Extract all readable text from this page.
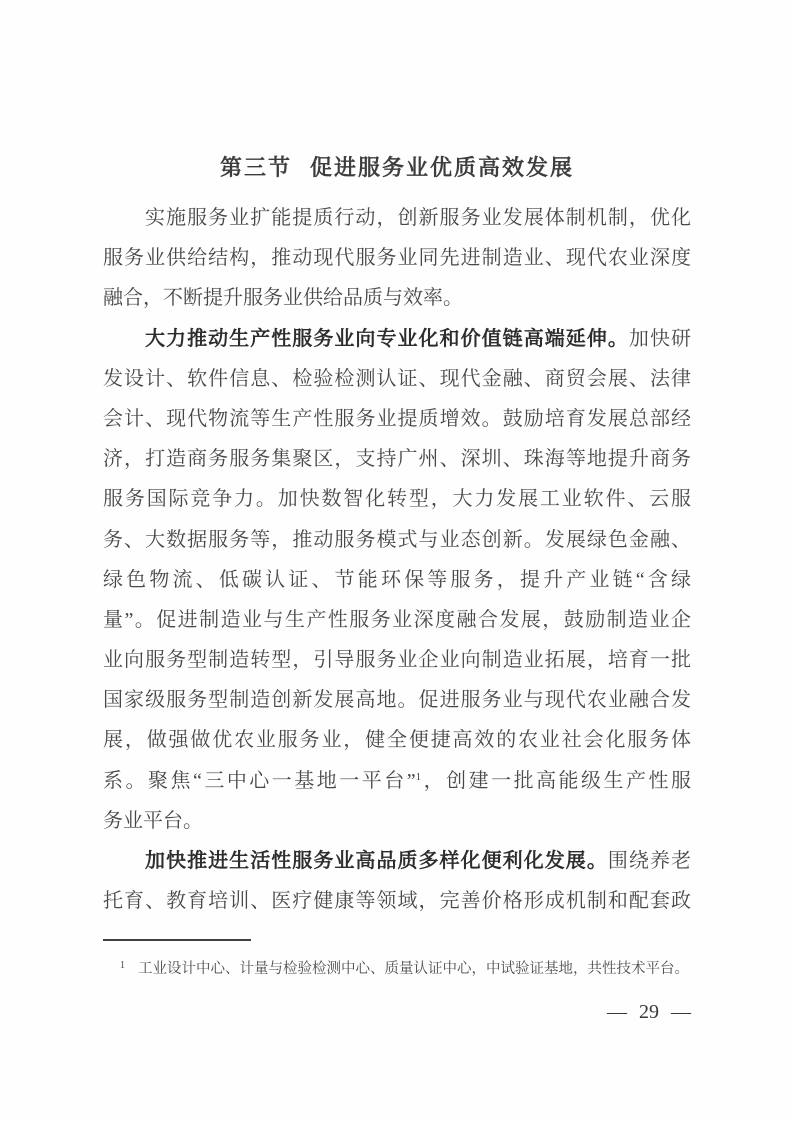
第三节 促进服务业优质高效发展
实施服务业扩能提质行动，创新服务业发展体制机制，优化
服务业供给结构，推动现代服务业同先进制造业、现代农业深度
融合，不断提升服务业供给品质与效率。
大力推动生产性服务业向专业化和价值链高端延伸。加快研
发设计、软件信息、检验检测认证、现代金融、商贸会展、法律
会计、现代物流等生产性服务业提质增效。鼓励培育发展总部经
济，打造商务服务集聚区，支持广州、深圳、珠海等地提升商务
服务国际竞争力。加快数智化转型，大力发展工业软件、云服
务、大数据服务等，推动服务模式与业态创新。发展绿色金融、
绿色物流、低碳认证、节能环保等服务，提升产业链“含绿
量”。促进制造业与生产性服务业深度融合发展，鼓励制造业企
业向服务型制造转型，引导服务业企业向制造业拓展，培育一批
国家级服务型制造创新发展高地。促进服务业与现代农业融合发
展，做强做优农业服务业，健全便捷高效的农业社会化服务体
系。聚焦“三中心一基地一平台”$^1$，创建一批高能级生产性服
务业平台。
加快推进生活性服务业高品质多样化便利化发展。围绕养老
托育、教育培训、医疗健康等领域，完善价格形成机制和配套政
$^1$ 工业设计中心、计量与检验检测中心、质量认证中心，中试验证基地，共性技术平台。
— 29 —
